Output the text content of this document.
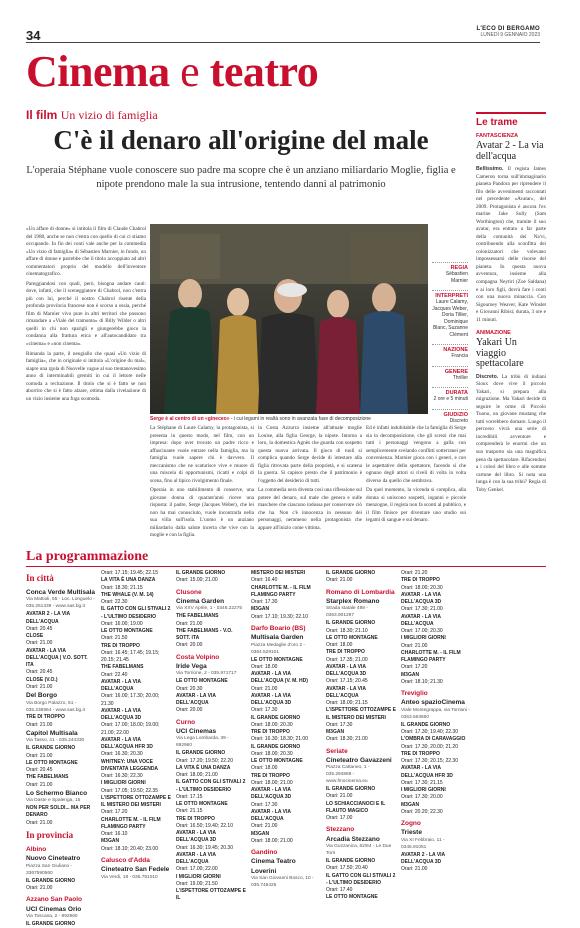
34	L'ECO DI BERGAMO
LUNEDÌ 9 GENNAIO 2023
Cinema e teatro
Il film Un vizio di famiglia
C'è il denaro all'origine del male

L'operaia Stéphane vuole conoscere suo padre ma scopre che è un anziano miliardario Moglie, figlia e nipote prendono male la sua intrusione, tentendo danni al patrimonio

«Un affare di donne» si intitola il film di Claude Chabrol del 1988, anche se non c'entra con quello di cui ci stiamo occupando. In fin dei conti vale anche per la commedia «Un vizio di famiglia» di Sébastien Marnier, in fondo, un affare di donne e parrebbe che il titolo accoppiato ad altri commentatori proprio del modello dell'inventore cinematografico.

Pareggiandosi con quali, però, bisogna andare cauti: dove, infatti, che il sceneggiatore di Chabrol, non c'entra più con lui, perché il nostro Chabrol risente della profonda provincia francese non è scorso a ossia, perché film di Marnier vivo pure in altri territori che possono rimandare a «Viale del tramonto» di Billy Wilder o altri quelli in chi non sparigli e giungerebbe gioco la condanna alla frattura etica e all'autocandidato tra «cinema» e «non cinema».

Rimanda la parte, il neogiallo che quasi «Un vizio di famiglia», che in originale si intitola «L'origine du mal», siapre una rgola di Nuovelle vague al suo trentanovesimo anno di interminabili gremiti in cui il lettore nelle comoda a recitazione. Il titolo che si è fatto se non aborrito che si è fatto alzare, ottima dalla rivelazione di un vizio insieme una fuga scomoda.

Serge è al centro di un «gineceo» - i cui legami in realtà sono in avanzata fase di decomposizione
REGIA
Sébastien Marnier
INTERPRETI
Laure Calamy, Jacques Weber, Doria Tillier, Dominique Blanc, Suzanne Clément
NAZIONE
Francia
GENERE
Thriller
DURATA
2 ore e 5 minuti
GIUDIZIO
Discreto

La Stéphane di Laure Calamy, la protagonista, si presenta in questo modo, nel film, con un impresa: dopo aver trovato un padre ricco e affascinante vuole entrare nella famiglia, ma la famiglia vuole sapere chi è davvero. Il meccanismo che ne scaturisce vive e muore di una miscela di opportunismi, ricatti e colpi di scena, fino al tipico rivolgimento finale.

Operaia in uno stabilimento di conserve, una giovane donna di quarant'anni riceve una risposta: il padre, Serge (Jacques Weber), che lei non ha mai conosciuto, vuole incontrarla nella sua villa sull'isola. L'uomo è un anziano miliardario dalla salute incerta che vive con la moglie e con la figlia.

in Costa Azzurra insieme all'attuale moglie Louise, alla figlia George, la nipote. Intorno a loro, la domestica Agnès che guarda con sospetto questa nuova arrivata. Il gioco di ruoli si complica quando Serge decide di intestare alla figlia ritrovata parte della proprietà, e si scatena la guerra. Si capisce presto che il patrimonio è l'oggetto del desiderio di tutti.

La commedia nera diventa così una riflessione sul potere del denaro, sul male che genera e sulle maschere che ciascuno indossa per conservare ciò che ha. Non c'è innocenza in nessuno dei personaggi, nemmeno nella protagonista che appare all'inizio come vittima.

Ed è infatti indubitabile che la famiglia di Serge sia in decomposizione, che gli screzi che mai tutti i personaggi vengono a galla con semplicemente svelando conflitti sotterranei per convenienza. Marnier gioca con i generi, e con le aspettative dello spettatore, facendo sì che ognuno degli attori si riveli di volta in volta diverso da quello che sembrava.

Da quel momento, la vicenda si complica, alla donna si uniscono sospetti, inganni e piccole menzogne, il regista non fa sconti al pubblico, e il film finisce per diventare uno studio sui legami di sangue e sul denaro.

Le trame
FANTASCIENZA
Avatar 2 - La via dell'acqua

Bellissimo. Il regista James Cameron torna sull'immaginario pianeta Pandora per riprendere il filo delle avvenimenti raccontati nel precedente «Avatar», del 2009. Protagonista è ancora l'ex marine Jake Sully (Sam Worthington) che, tramite il suo avatar, era entrato a far parte della comunità dei Na'vi, contribuendo alla sconfitta dei colonizzatori che volevano impossessarsi delle risorse del pianeta. In questa nuova avventura, insieme alla compagna Neytiri (Zoe Saldana) e ai loro figli, dovrà fare i conti con una nuova minaccia. Con Sigourney Weaver, Kate Winslet e Giovanni Ribisi; durata, 3 ore e 11 minuti.

ANIMAZIONE
Yakari Un viaggio spettacolare

Discreto. La tribù di indiani Sioux dove vive il piccolo Yakari, si prepara alla migrazione. Ma Yakari decide di seguire le orme di Piccolo Tuono, un giovane mustang che tutti vorrebbero domare. Lungo il percorso vivrà una serie di incredibili avventure e comprenderà le enormi che un suo trasporto sia una magnifica pena da spettacolare. Rifacendosi a i colori del libro e alle somme cartone del libro. Si nota una lunga è con la sua tribù? Regia di Toby Genkel.

La programmazione
In città
Conca Verde Multisala
Via Mattioli, 65 - Loc. Longuelo - 035.251339 - www.sas.bg.it
AVATAR 2 - LA VIA DELL'ACQUA
Orari: 20.45
CLOSE
Orari: 21.00
AVATAR - LA VIA DELL'ACQUA | V.O. SOTT. ITA
Orari: 20.45
CLOSE (V.O.)
Orari: 21.00
Del Borgo
Via Borgo Palazzo, 51 - 035.236964 - www.sas.bg.it
TRE DI TROPPO
Orari: 21.00
Capitol Multisala
Via Tasso, 41 - 035.244330
IL GRANDE GIORNO
Orari: 21.00
LE OTTO MONTAGNE
Orari: 20.45
THE FABELMANS
Orari: 21.00
Lo Schermo Bianco
Via Daste e Spalenga, 15
NON PER SOLDI... MA PER DENARO
Orari: 21.00
In provincia
Albino
Nuovo Cineteatro
Piazza San Giuliano - 3367590560
IL GRANDE GIORNO
Orari: 21.00
Azzano San Paolo
UCI Cinemas Orio
Via Toscana, 2 - 892960
IL GRANDE GIORNO
Orari: 17.15; 19.45; 22.15
LA VITA È UNA DANZA
Orari: 18.30; 21.15
THE WHALE (V. M. 14)
Orari: 22.30
IL GATTO CON GLI STIVALI 2 - L'ULTIMO DESIDERIO
Orari: 16.00; 19.00
LE OTTO MONTAGNE
Orari: 21.50
TRE DI TROPPO
Orari: 16.45; 17.45; 19.15; 20.15; 21.45
THE FABELMANS
Orari: 22.40
AVATAR - LA VIA DELL'ACQUA
Orari: 16.00; 17.30; 20.00; 21.30
AVATAR - LA VIA DELL'ACQUA 3D
Orari: 17.00; 18.00; 19.00; 21.00; 22.00
AVATAR - LA VIA DELL'ACQUA HFR 3D
Orari: 16.30; 20.30
WHITNEY: UNA VOCE DIVENTATA LEGGENDA
Orari: 16.30; 22.30
I MIGLIORI GIORNI
Orari: 17.05; 19.50; 22.35
L'ISPETTORE OTTOZAMPE E IL MISTERO DEI MISTERI
Orari: 17.20
CHARLOTTE M. - IL FILM FLAMINGO PARTY
Orari: 16.10
M3GAN
Orari: 18.10; 20.40; 23.00
Calusco d'Adda
Cineteatro San Fedele
Via Verdi, 18 - 035.791010
IL GRANDE GIORNO
Orari: 15.00; 21.00
Clusone
Cinema Garden
Via XXV Aprile, 1 - 0346.22275
THE FABELMANS
Orari: 21.00
THE FABELMANS - V.O. SOTT. ITA
Orari: 20.00
Costa Volpino
Iride Vega
Via Torrione, 2 - 035.971717
LE OTTO MONTAGNE
Orari: 20.30
AVATAR - LA VIA DELL'ACQUA
Orari: 20.00
Curno
UCI Cinemas
Via Lega Lombarda, 39 - 892960
IL GRANDE GIORNO
Orari: 17.20; 19.50; 22.20
LA VITA È UNA DANZA
Orari: 18.00; 21.00
IL GATTO CON GLI STIVALI 2 - L'ULTIMO DESIDERIO
Orari: 17.15
LE OTTO MONTAGNE
Orari: 21.15
TRE DI TROPPO
Orari: 16.50; 19.40; 22.10
AVATAR - LA VIA DELL'ACQUA 3D
Orari: 16.30; 19.45; 20.30
AVATAR - LA VIA DELL'ACQUA
Orari: 17.00; 22.00
I MIGLIORI GIORNI
Orari: 19.00; 21.50
L'ISPETTORE OTTOZAMPE E IL
MISTERO DEI MISTERI
Orari: 16.40
CHARLOTTE M. - IL FILM FLAMINGO PARTY
Orari: 17.30
M3GAN
Orari: 17.10; 19.30; 22.10
Darfo Boario (BS)
Multisala Garden
Piazza Medaglie d'oro 2 - 0364.529101
LE OTTO MONTAGNE
Orari: 18.00
AVATAR - LA VIA DELL'ACQUA (V. M. HD)
Orari: 21.00
AVATAR - LA VIA DELL'ACQUA 3D
Orari: 17.30
IL GRANDE GIORNO
Orari: 18.00; 20.30
TRE DI TROPPO
Orari: 16.30; 18.30; 21.00
IL GRANDE GIORNO
Orari: 18.00; 20.30
LE OTTO MONTAGNE
Orari: 18.00
TRE DI TROPPO
Orari: 18.00; 21.00
AVATAR - LA VIA DELL'ACQUA 3D
Orari: 17.30
AVATAR - LA VIA DELL'ACQUA
Orari: 21.00
M3GAN
Orari: 18.00; 21.00
Gandino
Cinema Teatro Loverini
Via San Giovanni Bosco, 10 - 035.745425
IL GRANDE GIORNO
Orari: 21.00
Romano di Lombardia
Starplex Romano
Strada statale 498 - 0363.901297
IL GRANDE GIORNO
Orari: 18.30; 21.10
LE OTTO MONTAGNE
Orari: 18.00
TRE DI TROPPO
Orari: 17.35; 21.00
AVATAR - LA VIA DELL'ACQUA 3D
Orari: 17.15; 20.45
AVATAR - LA VIA DELL'ACQUA
Orari: 18.00; 21.15
L'ISPETTORE OTTOZAMPE E IL MISTERO DEI MISTERI
Orari: 17.30
M3GAN
Orari: 18.30; 21.00
Seriate
Cineteatro Gavazzeni
Piazza Cattaneo, 1 - 035.294868 - www.fmocinema.eu
IL GRANDE GIORNO
Orari: 21.00
LO SCHIACCIANOCI E IL FLAUTO MAGICO
Orari: 17.00
Stezzano
Arcadia Stezzano
Via Guzzanica, 62/64 - Le Due Torri
IL GRANDE GIORNO
Orari: 17.50; 20.40
IL GATTO CON GLI STIVALI 2 - L'ULTIMO DESIDERIO
Orari: 17.40
LE OTTO MONTAGNE
Orari: 21.20
TRE DI TROPPO
Orari: 18.00; 20.30
AVATAR - LA VIA DELL'ACQUA 3D
Orari: 17.30; 21.00
AVATAR - LA VIA DELL'ACQUA
Orari: 17.00; 20.30
I MIGLIORI GIORNI
Orari: 21.00
CHARLOTTE M. - IL FILM FLAMINGO PARTY
Orari: 17.20
M3GAN
Orari: 18.10; 21.30
Treviglio
Anteo spazioCinema
Viale Montegrappa, via Torriani - 0363.563660
IL GRANDE GIORNO
Orari: 17.30; 19.40; 22.30
L'OMBRA DI CARAVAGGIO
Orari: 17.30; 20.00; 21.20
TRE DI TROPPO
Orari: 17.30; 20.15; 22.30
AVATAR - LA VIA DELL'ACQUA HFR 3D
Orari: 17.30; 21.15
I MIGLIORI GIORNI
Orari: 17.30; 20.00
M3GAN
Orari: 20.20; 22.30
Zogno
Trieste
Via XI Febbraio, 11 - 0345.91051
AVATAR 2 - LA VIA DELL'ACQUA 3D
Orari: 21.00
